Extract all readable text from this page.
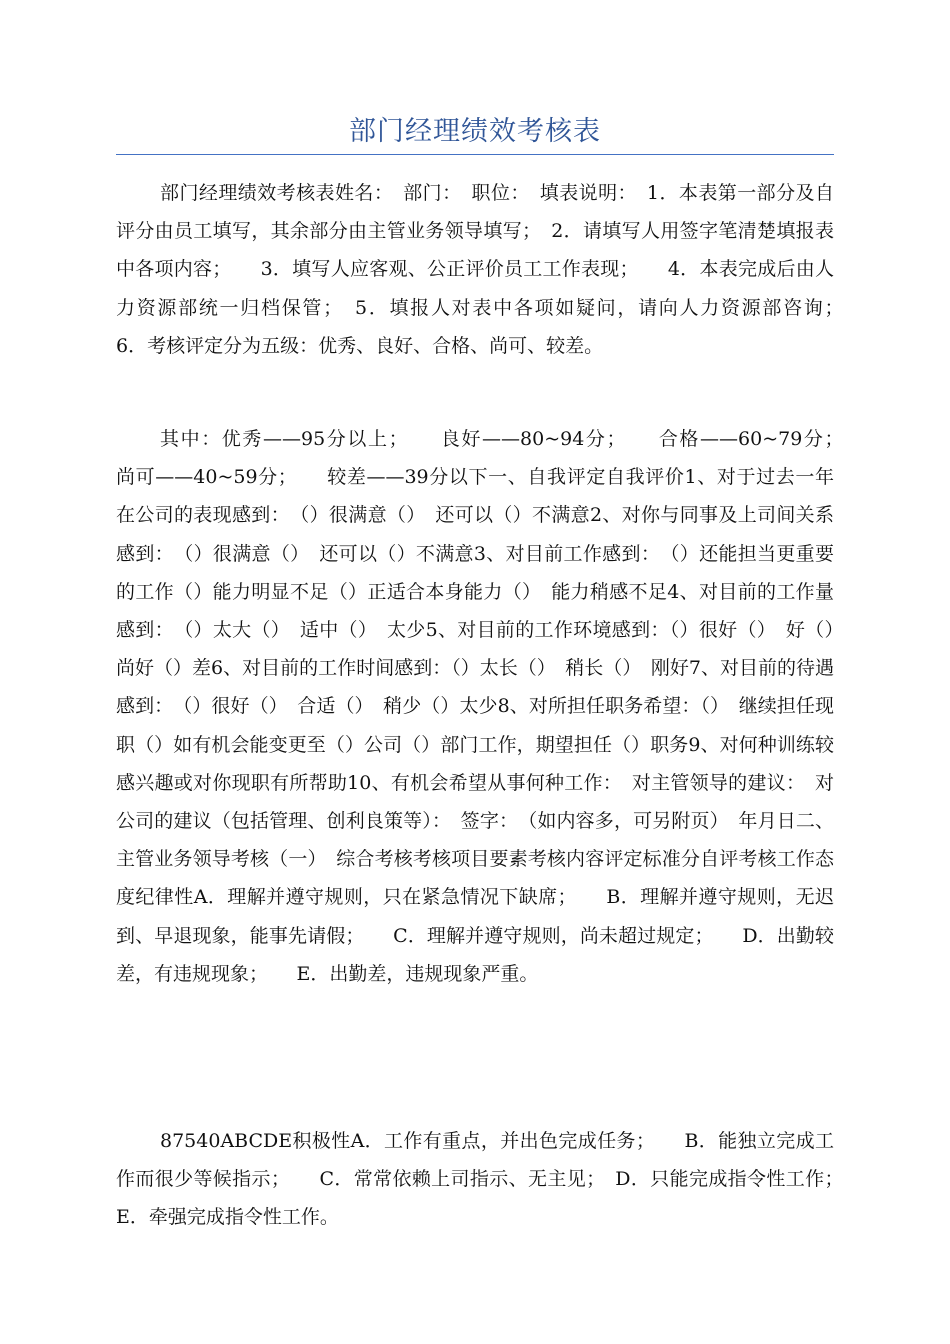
部门经理绩效考核表

部门经理绩效考核表姓名：　部门：　职位：　填表说明：　1．本表第一部分及自评分由员工填写，其余部分由主管业务领导填写；　2．请填写人用签字笔清楚填报表中各项内容；　　3．填写人应客观、公正评价员工工作表现；　　4．本表完成后由人力资源部统一归档保管；　5．填报人对表中各项如疑问，请向人力资源部咨询；　　6．考核评定分为五级：优秀、良好、合格、尚可、较差。

其中：优秀——95分以上；　　良好——80~94分；　　合格——60~79分；　　尚可——40~59分；　　较差——39分以下一、自我评定自我评价1、对于过去一年在公司的表现感到：　（）很满意（）　还可以（）不满意2、对你与同事及上司间关系感到：　（）很满意（）　还可以（）不满意3、对目前工作感到：　（）还能担当更重要的工作（）能力明显不足（）正适合本身能力（）　能力稍感不足4、对目前的工作量感到：　（）太大（）　适中（）　太少5、对目前的工作环境感到：（）很好（）　好（）　尚好（）差6、对目前的工作时间感到：（）太长（）　稍长（）　刚好7、对目前的待遇感到：　（）很好（）　合适（）　稍少（）太少8、对所担任职务希望：（）　继续担任现职（）如有机会能变更至（）公司（）部门工作，期望担任（）职务9、对何种训练较感兴趣或对你现职有所帮助10、有机会希望从事何种工作：　对主管领导的建议：　对公司的建议（包括管理、创利良策等）：　签字：　（如内容多，可另附页）　年月日二、主管业务领导考核（一）　综合考核考核项目要素考核内容评定标准分自评考核工作态度纪律性A．理解并遵守规则，只在紧急情况下缺席；　　B．理解并遵守规则，无迟到、早退现象，能事先请假；　　C．理解并遵守规则，尚未超过规定；　　D．出勤较差，有违规现象；　　E．出勤差，违规现象严重。

87540ABCDE积极性A．工作有重点，并出色完成任务；　　B．能独立完成工作而很少等候指示；　　C．常常依赖上司指示、无主见；　D．只能完成指令性工作；　　E．牵强完成指令性工作。
